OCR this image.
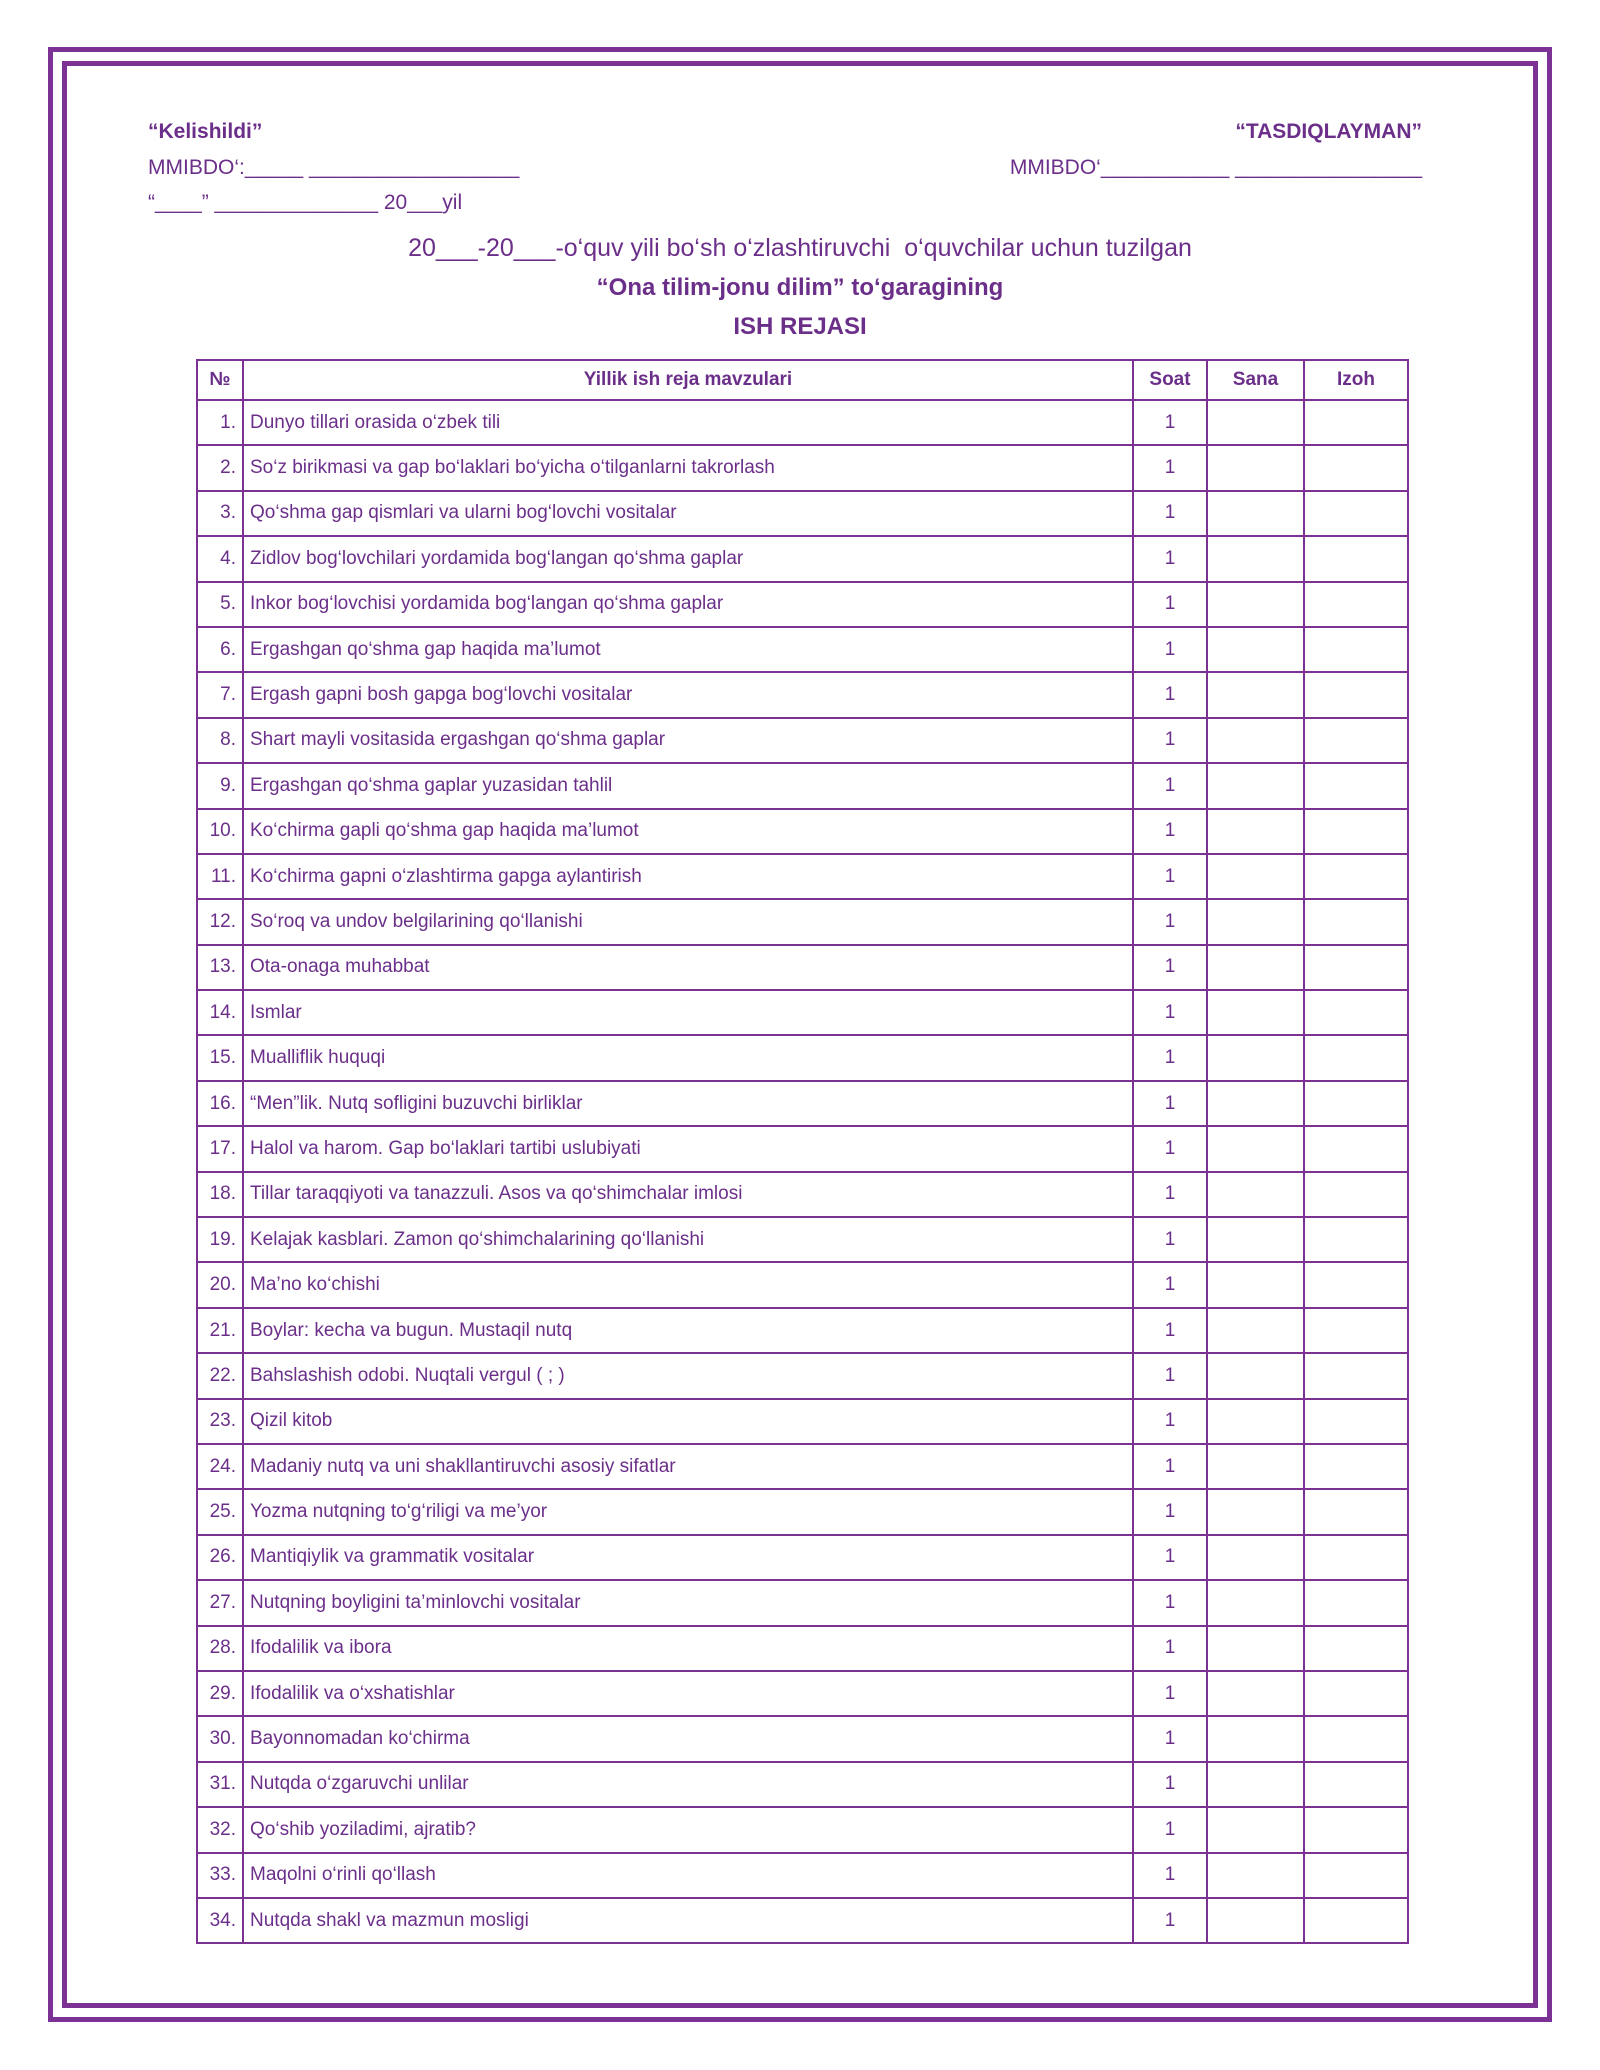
“Kelishildi”
MMIBDO‘:_____ __________________
“____” ______________ 20___yil
“TASDIQLAYMAN”
MMIBDO‘___________ ________________
20___-20___-o‘quv yili bo‘sh o‘zlashtiruvchi  o‘quvchilar uchun tuzilgan
“Ona tilim-jonu dilim” to‘garagining
ISH REJASI
№	Yillik ish reja mavzulari	Soat	Sana	Izoh
1.	Dunyo tillari orasida o‘zbek tili	1		
2.	So‘z birikmasi va gap bo‘laklari bo‘yicha o‘tilganlarni takrorlash	1		
3.	Qo‘shma gap qismlari va ularni bog‘lovchi vositalar	1		
4.	Zidlov bog‘lovchilari yordamida bog‘langan qo‘shma gaplar	1		
5.	Inkor bog‘lovchisi yordamida bog‘langan qo‘shma gaplar	1		
6.	Ergashgan qo‘shma gap haqida ma’lumot	1		
7.	Ergash gapni bosh gapga bog‘lovchi vositalar	1		
8.	Shart mayli vositasida ergashgan qo‘shma gaplar	1		
9.	Ergashgan qo‘shma gaplar yuzasidan tahlil	1		
10.	Ko‘chirma gapli qo‘shma gap haqida ma’lumot	1		
11.	Ko‘chirma gapni o‘zlashtirma gapga aylantirish	1		
12.	So‘roq va undov belgilarining qo‘llanishi	1		
13.	Ota-onaga muhabbat	1		
14.	Ismlar	1		
15.	Mualliflik huquqi	1		
16.	“Men”lik. Nutq sofligini buzuvchi birliklar	1		
17.	Halol va harom. Gap bo‘laklari tartibi uslubiyati	1		
18.	Tillar taraqqiyoti va tanazzuli. Asos va qo‘shimchalar imlosi	1		
19.	Kelajak kasblari. Zamon qo‘shimchalarining qo‘llanishi	1		
20.	Ma’no ko‘chishi	1		
21.	Boylar: kecha va bugun. Mustaqil nutq	1		
22.	Bahslashish odobi. Nuqtali vergul ( ; )	1		
23.	Qizil kitob	1		
24.	Madaniy nutq va uni shakllantiruvchi asosiy sifatlar	1		
25.	Yozma nutqning to‘g‘riligi va me’yor	1		
26.	Mantiqiylik va grammatik vositalar	1		
27.	Nutqning boyligini ta’minlovchi vositalar	1		
28.	Ifodalilik va ibora	1		
29.	Ifodalilik va o‘xshatishlar	1		
30.	Bayonnomadan ko‘chirma	1		
31.	Nutqda o‘zgaruvchi unlilar	1		
32.	Qo‘shib yoziladimi, ajratib?	1		
33.	Maqolni o‘rinli qo‘llash	1		
34.	Nutqda shakl va mazmun mosligi	1		
